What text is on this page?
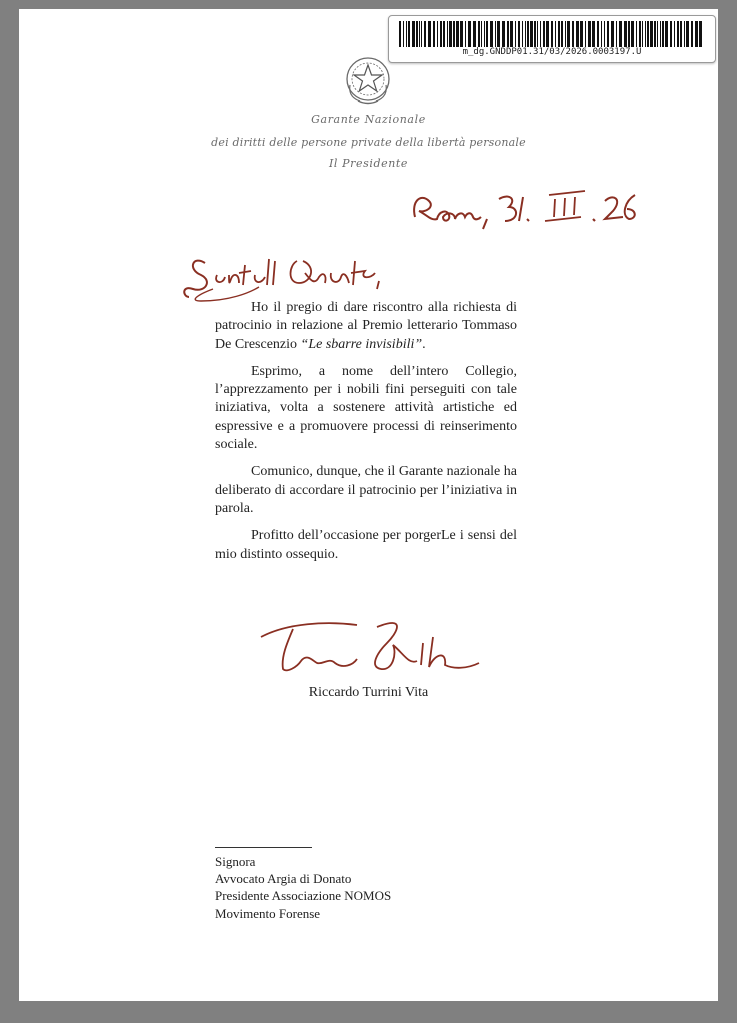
m_dg.GNDDP01.31/03/2026.0003197.U
Garante Nazionale
dei diritti delle persone private della libertà personale
Il Presidente

Ho il pregio di dare riscontro alla richiesta di patrocinio in relazione al Premio letterario Tommaso De Crescenzio “Le sbarre invisibili”.

Esprimo, a nome dell’intero Collegio, l’apprezzamento per i nobili fini perseguiti con tale iniziativa, volta a sostenere attività artistiche ed espressive e a promuovere processi di reinserimento sociale.

Comunico, dunque, che il Garante nazionale ha deliberato di accordare il patrocinio per l’iniziativa in parola.

Profitto dell’occasione per porgerLe i sensi del mio distinto ossequio.

Riccardo Turrini Vita
Signora
Avvocato Argia di Donato
Presidente Associazione NOMOS
Movimento Forense
